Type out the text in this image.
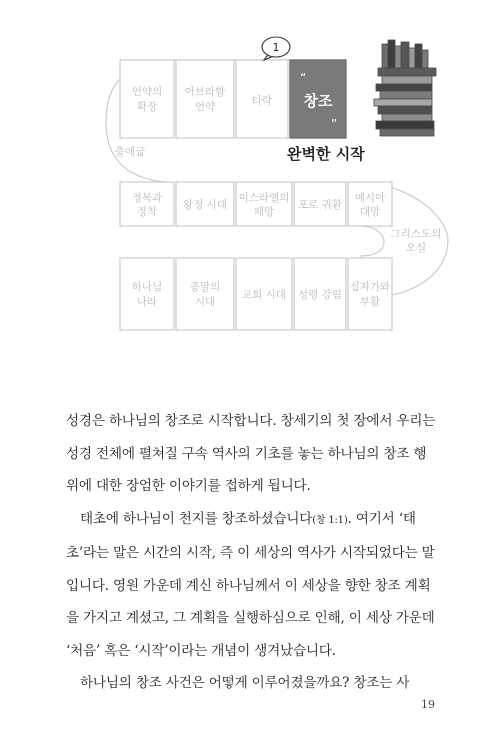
언약의 확장
아브라함 언약	타락
“
창조
”
1
완벽한 시작
출애굽
정복과 정착
왕정 시대
이스라엘의 패망
포로 귀환
메시아 대망
그리스도의 오심
하나님 나라
종말의 시대
교회 시대 성령 강림
십자가와 부활

성경은 하나님의 창조로 시작합니다. 창세기의 첫 장에서 우리는 성경 전체에 펼쳐질 구속 역사의 기초를 놓는 하나님의 창조 행위에 대한 장엄한 이야기를 접하게 됩니다.

태초에 하나님이 천지를 창조하셨습니다(창 1:1). 여기서 ‘태초’라는 말은 시간의 시작, 즉 이 세상의 역사가 시작되었다는 말입니다. 영원 가운데 계신 하나님께서 이 세상을 향한 창조 계획을 가지고 계셨고, 그 계획을 실행하심으로 인해, 이 세상 가운데 ‘처음’ 혹은 ‘시작’이라는 개념이 생겨났습니다.

하나님의 창조 사건은 어떻게 이루어졌을까요? 창조는 사

19
